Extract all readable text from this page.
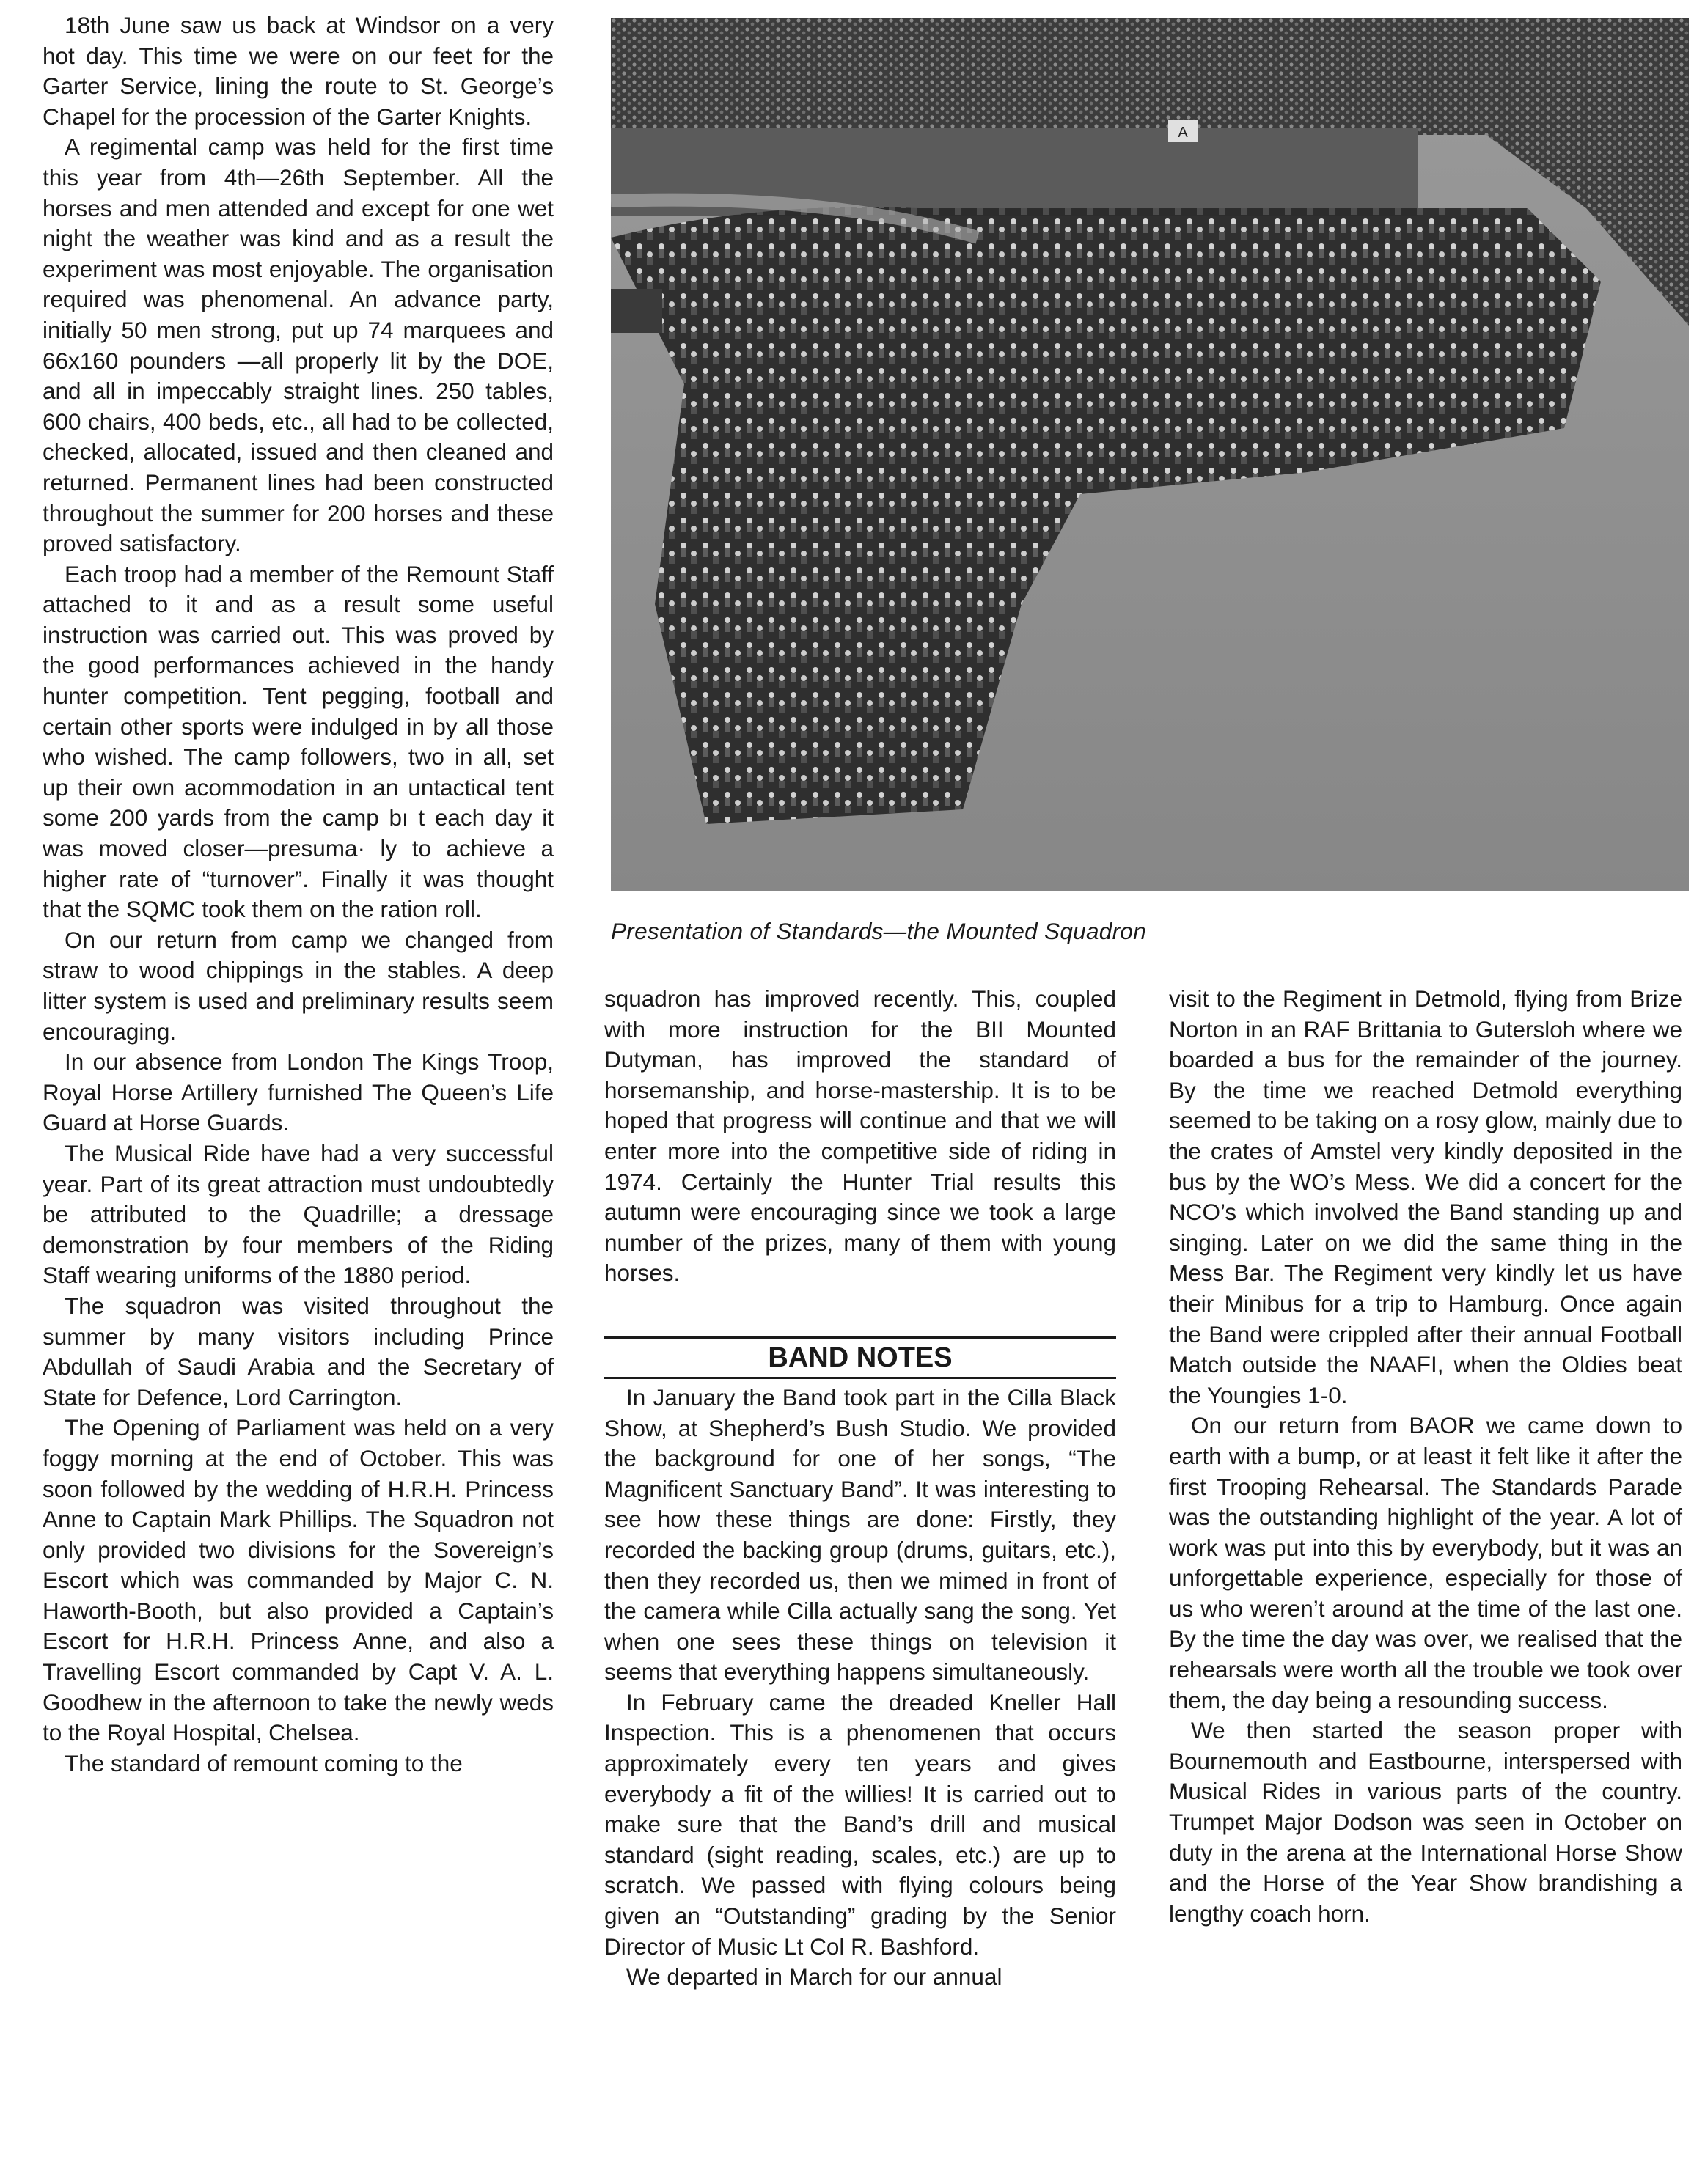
18th June saw us back at Windsor on a very hot day. This time we were on our feet for the Garter Service, lining the route to St. George’s Chapel for the procession of the Garter Knights.

A regimental camp was held for the first time this year from 4th—26th September. All the horses and men attended and except for one wet night the weather was kind and as a result the experiment was most enjoyable. The organisation required was phenomenal. An advance party, initially 50 men strong, put up 74 marquees and 66x160 pounders —all properly lit by the DOE, and all in impeccably straight lines. 250 tables, 600 chairs, 400 beds, etc., all had to be collected, checked, allocated, issued and then cleaned and returned. Permanent lines had been constructed throughout the summer for 200 horses and these proved satisfactory.

Each troop had a member of the Remount Staff attached to it and as a result some useful instruction was carried out. This was proved by the good performances achieved in the handy hunter competition. Tent pegging, football and certain other sports were indulged in by all those who wished. The camp followers, two in all, set up their own acommodation in an untactical tent some 200 yards from the camp bı t each day it was moved closer—presuma· ly to achieve a higher rate of “turnover”. Finally it was thought that the SQMC took them on the ration roll.

On our return from camp we changed from straw to wood chippings in the stables. A deep litter system is used and preliminary results seem encouraging.

In our absence from London The Kings Troop, Royal Horse Artillery furnished The Queen’s Life Guard at Horse Guards.

The Musical Ride have had a very successful year. Part of its great attraction must undoubtedly be attributed to the Quadrille; a dressage demonstration by four members of the Riding Staff wearing uniforms of the 1880 period.

The squadron was visited throughout the summer by many visitors including Prince Abdullah of Saudi Arabia and the Secretary of State for Defence, Lord Carrington.

The Opening of Parliament was held on a very foggy morning at the end of October. This was soon followed by the wedding of H.R.H. Princess Anne to Captain Mark Phillips. The Squadron not only provided two divisions for the Sovereign’s Escort which was commanded by Major C. N. Haworth-Booth, but also provided a Captain’s Escort for H.R.H. Princess Anne, and also a Travelling Escort commanded by Capt V. A. L. Goodhew in the afternoon to take the newly weds to the Royal Hospital, Chelsea.

The standard of remount coming to the

A
Presentation of Standards—the Mounted Squadron

squadron has improved recently. This, coupled with more instruction for the BII Mounted Dutyman, has improved the standard of horsemanship, and horse-mastership. It is to be hoped that progress will continue and that we will enter more into the competitive side of riding in 1974. Certainly the Hunter Trial results this autumn were encouraging since we took a large number of the prizes, many of them with young horses.

In January the Band took part in the Cilla Black Show, at Shepherd’s Bush Studio. We provided the background for one of her songs, “The Magnificent Sanctuary Band”. It was interesting to see how these things are done: Firstly, they recorded the backing group (drums, guitars, etc.), then they recorded us, then we mimed in front of the camera while Cilla actually sang the song. Yet when one sees these things on television it seems that everything happens simultaneously.

In February came the dreaded Kneller Hall Inspection. This is a phenomenen that occurs approximately every ten years and gives everybody a fit of the willies! It is carried out to make sure that the Band’s drill and musical standard (sight reading, scales, etc.) are up to scratch. We passed with flying colours being given an “Outstanding” grading by the Senior Director of Music Lt Col R. Bashford.

We departed in March for our annual

BAND NOTES

visit to the Regiment in Detmold, flying from Brize Norton in an RAF Brittania to Gutersloh where we boarded a bus for the remainder of the journey. By the time we reached Detmold everything seemed to be taking on a rosy glow, mainly due to the crates of Amstel very kindly deposited in the bus by the WO’s Mess. We did a concert for the NCO’s which involved the Band standing up and singing. Later on we did the same thing in the Mess Bar. The Regiment very kindly let us have their Minibus for a trip to Hamburg. Once again the Band were crippled after their annual Football Match outside the NAAFI, when the Oldies beat the Youngies 1-0.

On our return from BAOR we came down to earth with a bump, or at least it felt like it after the first Trooping Rehearsal. The Standards Parade was the outstanding highlight of the year. A lot of work was put into this by everybody, but it was an unforgettable experience, especially for those of us who weren’t around at the time of the last one. By the time the day was over, we realised that the rehearsals were worth all the trouble we took over them, the day being a resounding success.

We then started the season proper with Bournemouth and Eastbourne, interspersed with Musical Rides in various parts of the country. Trumpet Major Dodson was seen in October on duty in the arena at the International Horse Show and the Horse of the Year Show brandishing a lengthy coach horn.
